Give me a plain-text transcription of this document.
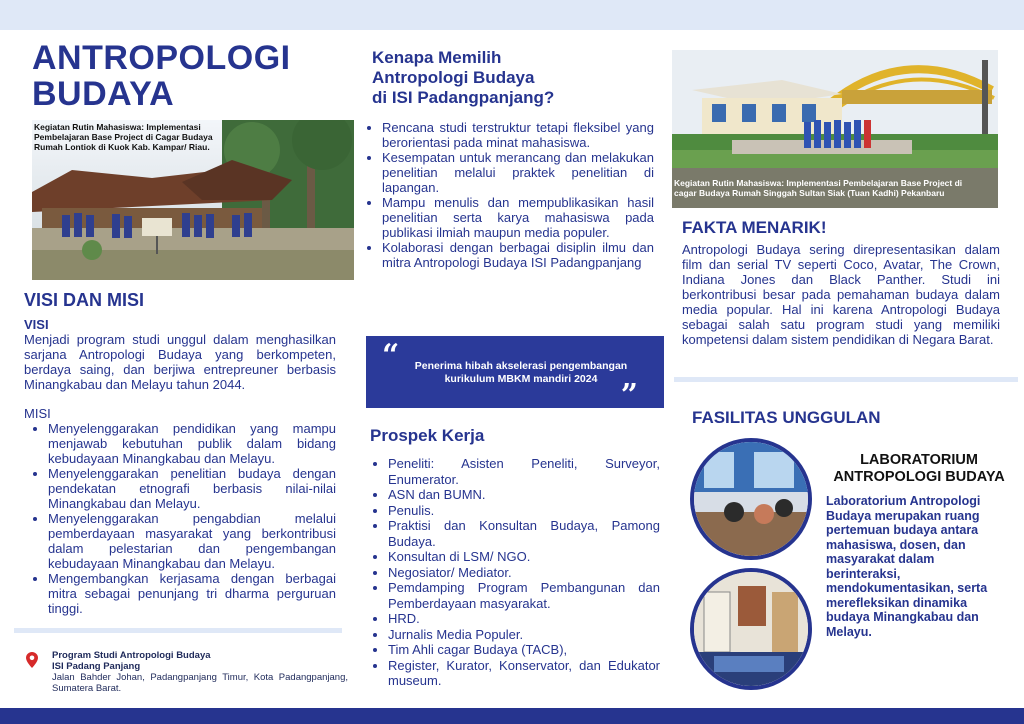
ANTROPOLOGI
BUDAYA
Kegiatan Rutin Mahasiswa: Implementasi Pembelajaran Base Project di Cagar Budaya Rumah Lontiok di Kuok Kab. Kampar/ Riau.
VISI DAN MISI
VISI
Menjadi program studi unggul dalam menghasilkan sarjana Antropologi Budaya yang berkompeten, berdaya saing, dan berjiwa entrepreuner berbasis Minangkabau dan Melayu tahun 2044.
MISI
• Menyelenggarakan pendidikan yang mampu menjawab kebutuhan publik dalam bidang kebudayaan Minangkabau dan Melayu.
• Menyelenggarakan penelitian budaya dengan pendekatan etnografi berbasis nilai-nilai Minangkabau dan Melayu.
• Menyelenggarakan pengabdian melalui pemberdayaan masyarakat yang berkontribusi dalam pelestarian dan pengembangan kebudayaan Minangkabau dan Melayu.
• Mengembangkan kerjasama dengan berbagai mitra sebagai penunjang tri dharma perguruan tinggi.
Program Studi Antropologi Budaya
ISI Padang Panjang
Jalan Bahder Johan, Padangpanjang Timur, Kota Padangpanjang, Sumatera Barat.
Kenapa Memilih
Antropologi Budaya
di ISI Padangpanjang?
• Rencana studi terstruktur tetapi fleksibel yang berorientasi pada minat mahasiswa.
• Kesempatan untuk merancang dan melakukan penelitian melalui praktek penelitian di lapangan.
• Mampu menulis dan mempublikasikan hasil penelitian serta karya mahasiswa pada publikasi ilmiah maupun media populer.
• Kolaborasi dengan berbagai disiplin ilmu dan mitra Antropologi Budaya ISI Padangpanjang
“	Penerima hibah akselerasi pengembangan kurikulum MBKM mandiri 2024 ”
Prospek Kerja
• Peneliti: Asisten Peneliti, Surveyor, Enumerator.
• ASN dan BUMN.
• Penulis.
• Praktisi dan Konsultan Budaya, Pamong Budaya.
• Konsultan di LSM/ NGO.
• Negosiator/ Mediator.
• Pemdamping Program Pembangunan dan Pemberdayaan masyarakat.
• HRD.
• Jurnalis Media Populer.
• Tim Ahli cagar Budaya (TACB),
• Register, Kurator, Konservator, dan Edukator museum.
Kegiatan Rutin Mahasiswa: Implementasi Pembelajaran Base Project di cagar Budaya Rumah Singgah Sultan Siak (Tuan Kadhi) Pekanbaru
FAKTA MENARIK!
Antropologi Budaya sering direpresentasikan dalam film dan serial TV seperti Coco, Avatar, The Crown, Indiana Jones dan Black Panther. Studi ini berkontribusi besar pada pemahaman budaya dalam media popular. Hal ini karena Antropologi Budaya sebagai salah satu program studi yang memiliki kompetensi dalam sistem pendidikan di Negara Barat.
FASILITAS UNGGULAN
LABORATORIUM
ANTROPOLOGI BUDAYA
Laboratorium Antropologi Budaya merupakan ruang pertemuan budaya antara mahasiswa, dosen, dan masyarakat dalam berinteraksi, mendokumentasikan, serta merefleksikan dinamika budaya Minangkabau dan Melayu.
